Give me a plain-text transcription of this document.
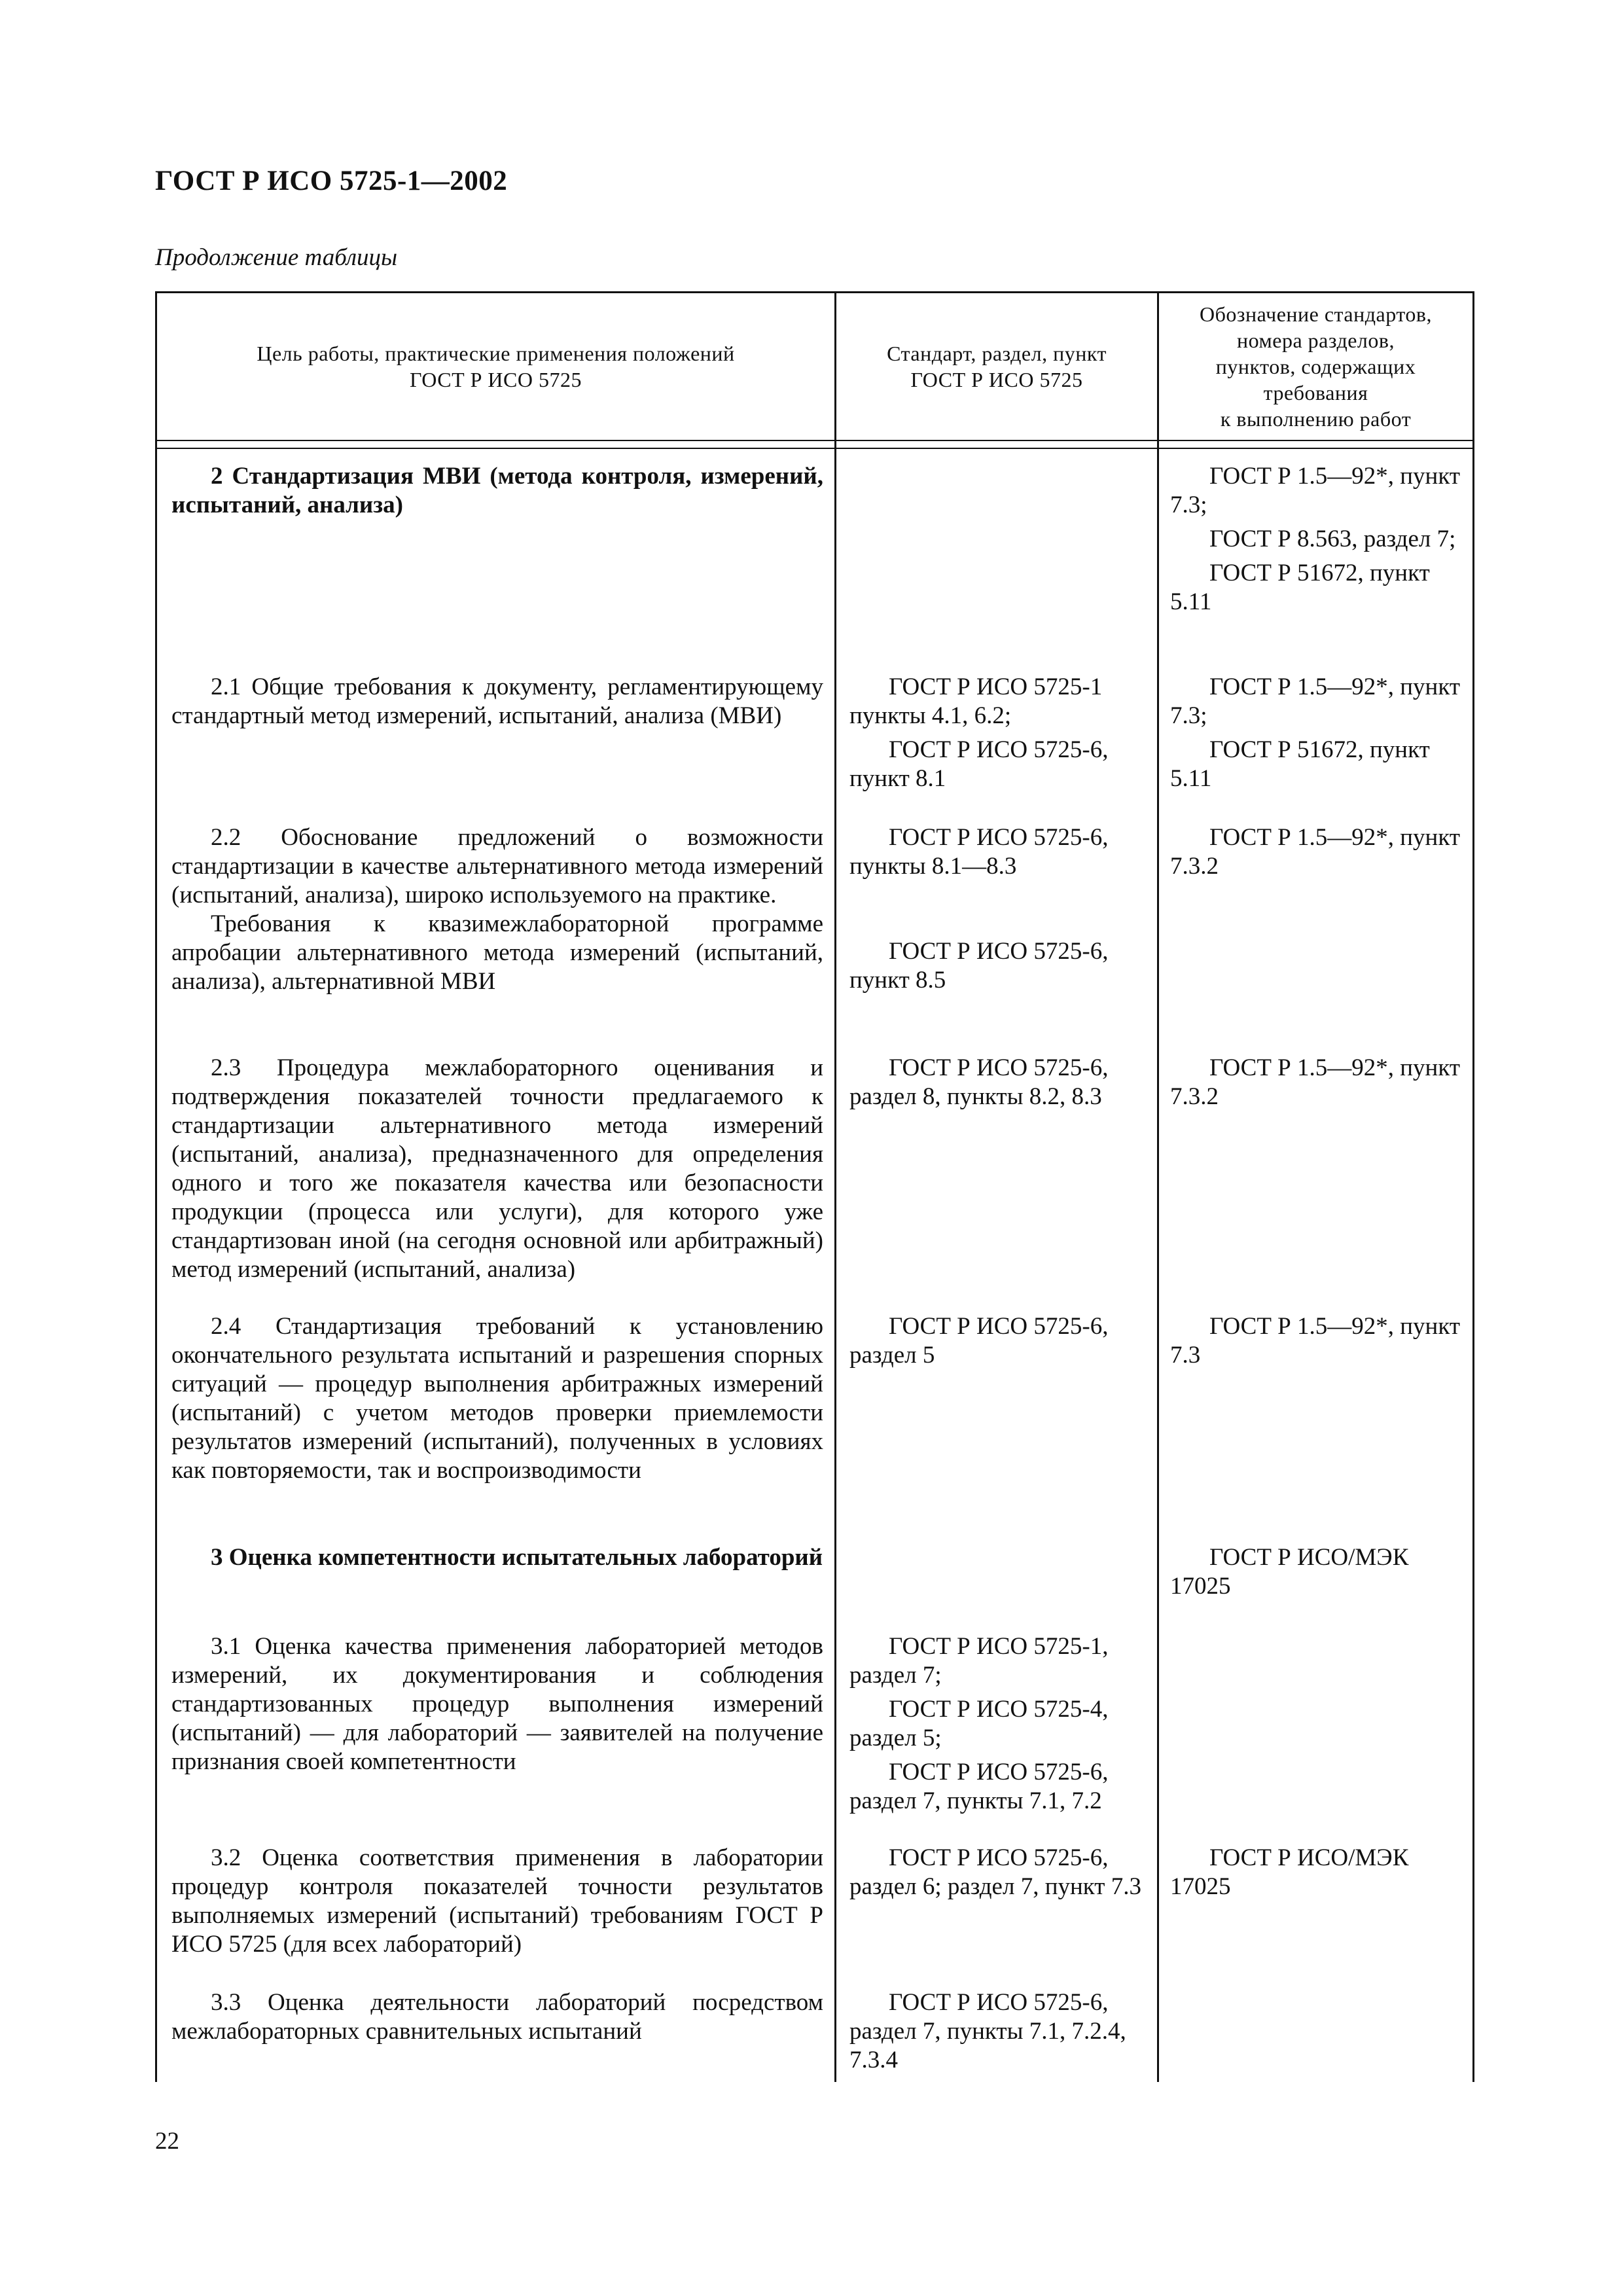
ГОСТ Р ИСО 5725-1—2002
Продолжение таблицы
Цель работы, практические применения положений
ГОСТ Р ИСО 5725
Стандарт, раздел, пункт
ГОСТ Р ИСО 5725
Обозначение стандартов,
номера разделов,
пунктов, содержащих
требования
к выполнению работ

2 Стандартизация МВИ (метода контроля, измерений, испытаний, анализа)

ГОСТ Р 1.5—92*, пункт 7.3;

ГОСТ Р 8.563, раздел 7;

ГОСТ Р 51672, пункт 5.11

2.1 Общие требования к документу, регламентирующему стандартный метод измерений, испытаний, анализа (МВИ)

ГОСТ Р ИСО 5725-1 пункты 4.1, 6.2;

ГОСТ Р ИСО 5725-6, пункт 8.1

ГОСТ Р 1.5—92*, пункт 7.3;

ГОСТ Р 51672, пункт 5.11

2.2 Обоснование предложений о возможности стандартизации в качестве альтернативного метода измерений (испытаний, анализа), широко используемого на практике.

Требования к квазимежлабораторной программе апробации альтернативного метода измерений (испытаний, анализа), альтернативной МВИ

ГОСТ Р ИСО 5725-6, пункты 8.1—8.3

ГОСТ Р ИСО 5725-6, пункт 8.5

ГОСТ Р 1.5—92*, пункт 7.3.2

2.3 Процедура межлабораторного оценивания и подтверждения показателей точности предлагаемого к стандартизации альтернативного метода измерений (испытаний, анализа), предназначенного для определения одного и того же показателя качества или безопасности продукции (процесса или услуги), для которого уже стандартизован иной (на сегодня основной или арбитражный) метод измерений (испытаний, анализа)

ГОСТ Р ИСО 5725-6, раздел 8, пункты 8.2, 8.3

ГОСТ Р 1.5—92*, пункт 7.3.2

2.4 Стандартизация требований к установлению окончательного результата испытаний и разрешения спорных ситуаций — процедур выполнения арбитражных измерений (испытаний) с учетом методов проверки приемлемости результатов измерений (испытаний), полученных в условиях как повторяемости, так и воспроизводимости

ГОСТ Р ИСО 5725-6, раздел 5

ГОСТ Р 1.5—92*, пункт 7.3

3 Оценка компетентности испытательных лабораторий	ГОСТ Р ИСО/МЭК 17025

3.1 Оценка качества применения лабораторией методов измерений, их документирования и соблюдения стандартизованных процедур выполнения измерений (испытаний) — для лабораторий — заявителей на получение признания своей компетентности

ГОСТ Р ИСО 5725-1, раздел 7;

ГОСТ Р ИСО 5725-4, раздел 5;

ГОСТ Р ИСО 5725-6, раздел 7, пункты 7.1, 7.2

3.2 Оценка соответствия применения в лаборатории процедур контроля показателей точности результатов выполняемых измерений (испытаний) требованиям ГОСТ Р ИСО 5725 (для всех лабораторий)

ГОСТ Р ИСО 5725-6, раздел 6; раздел 7, пункт 7.3

ГОСТ Р ИСО/МЭК 17025

3.3 Оценка деятельности лабораторий посредством межлабораторных сравнительных испытаний

ГОСТ Р ИСО 5725-6, раздел 7, пункты 7.1, 7.2.4, 7.3.4

22
